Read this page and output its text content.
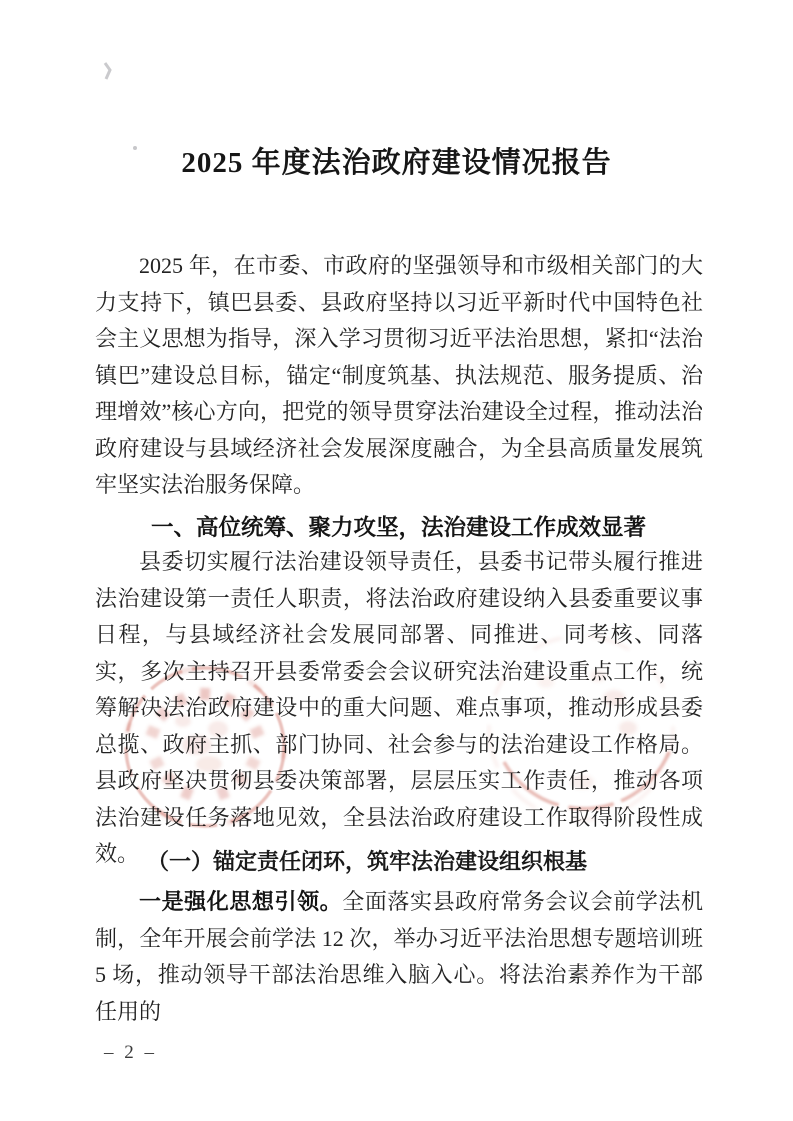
2025 年度法治政府建设情况报告

2025 年，在市委、市政府的坚强领导和市级相关部门的大力支持下，镇巴县委、县政府坚持以习近平新时代中国特色社会主义思想为指导，深入学习贯彻习近平法治思想，紧扣“法治镇巴”建设总目标，锚定“制度筑基、执法规范、服务提质、治理增效”核心方向，把党的领导贯穿法治建设全过程，推动法治政府建设与县域经济社会发展深度融合，为全县高质量发展筑牢坚实法治服务保障。

一、高位统筹、聚力攻坚，法治建设工作成效显著

县委切实履行法治建设领导责任，县委书记带头履行推进法治建设第一责任人职责，将法治政府建设纳入县委重要议事日程，与县域经济社会发展同部署、同推进、同考核、同落实，多次主持召开县委常委会会议研究法治建设重点工作，统筹解决法治政府建设中的重大问题、难点事项，推动形成县委总揽、政府主抓、部门协同、社会参与的法治建设工作格局。县政府坚决贯彻县委决策部署，层层压实工作责任，推动各项法治建设任务落地见效，全县法治政府建设工作取得阶段性成效。 （一）锚定责任闭环，筑牢法治建设组织根基

一是强化思想引领。全面落实县政府常务会议会前学法机制，全年开展会前学法 12 次，举办习近平法治思想专题培训班 5 场，推动领导干部法治思维入脑入心。将法治素养作为干部任用的

– 2 –
